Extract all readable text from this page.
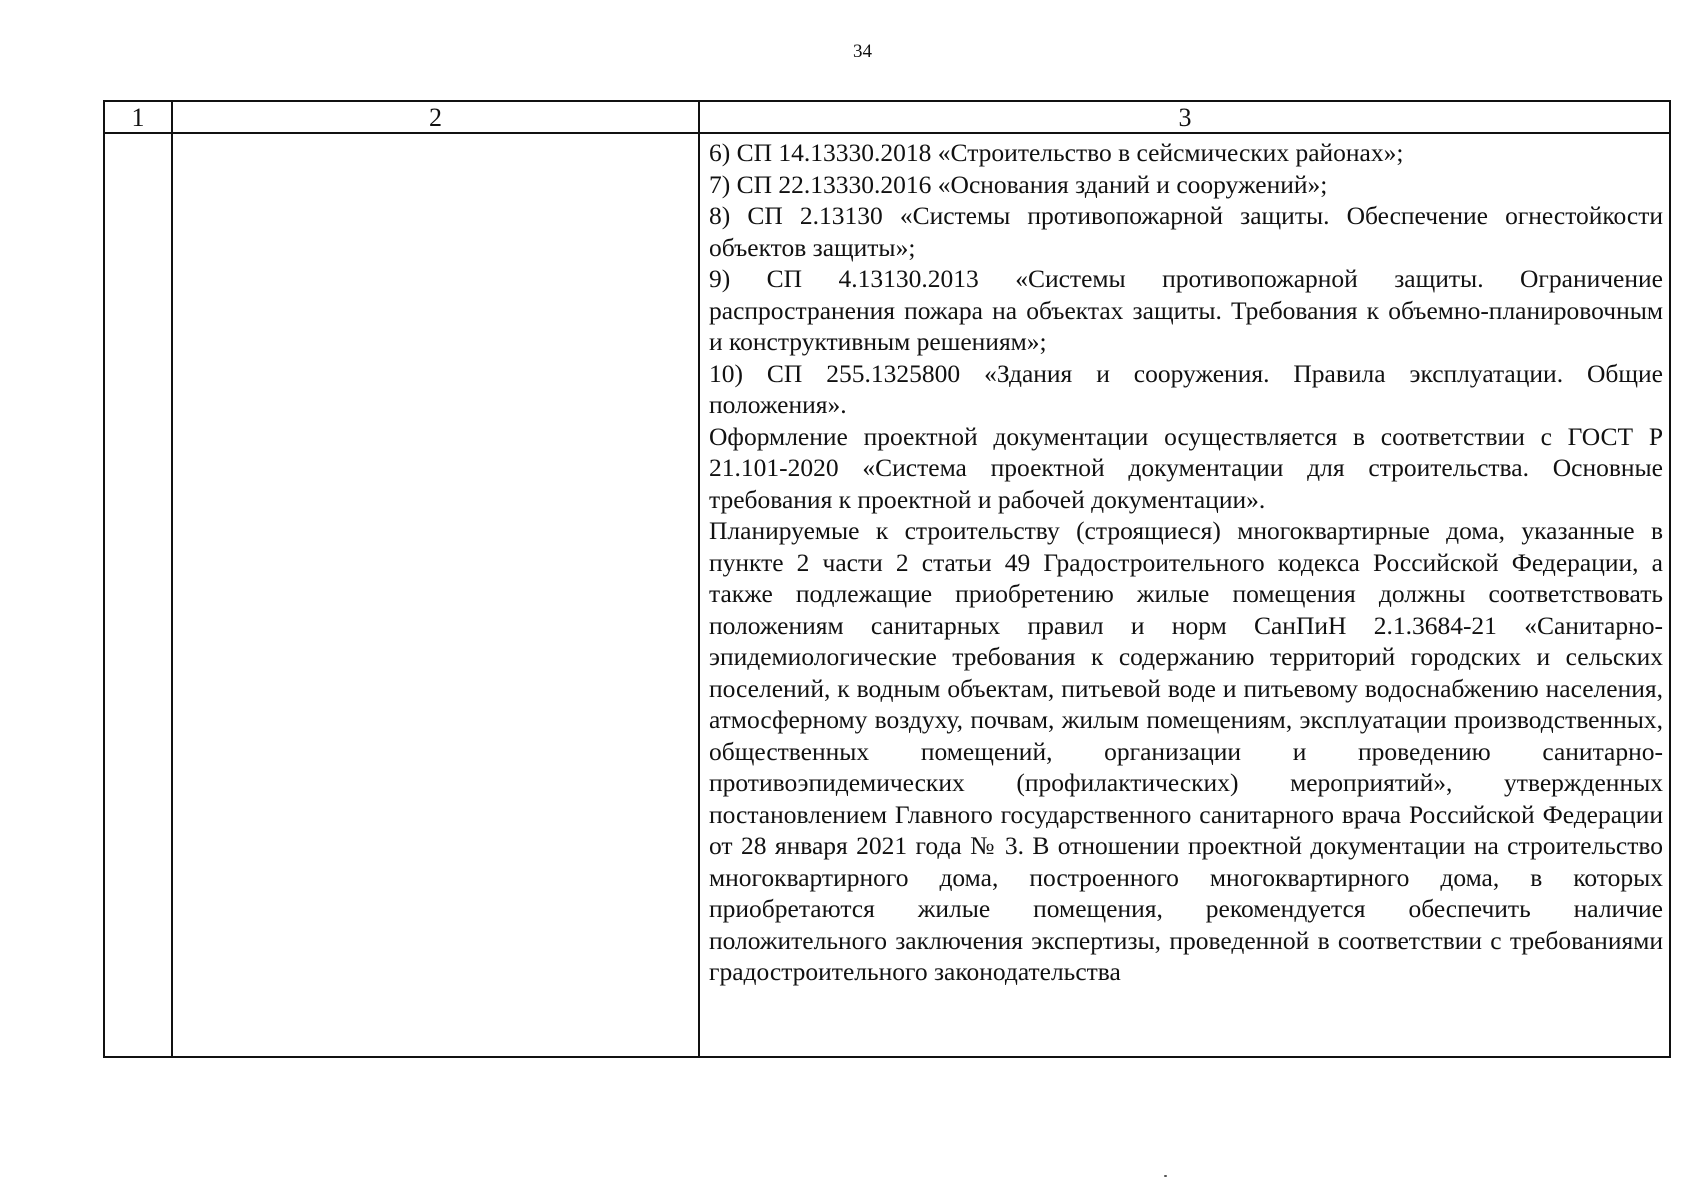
34
1	2	3

6) СП 14.13330.2018 «Строительство в сейсмических районах»;

7) СП 22.13330.2016 «Основания зданий и сооружений»;

8) СП 2.13130 «Системы противопожарной защиты. Обеспечение огнестойкости объектов защиты»;

9) СП 4.13130.2013 «Системы противопожарной защиты. Ограничение распространения пожара на объектах защиты. Требования к объемно-планировочным и конструктивным решениям»;

10) СП 255.1325800 «Здания и сооружения. Правила эксплуатации. Общие положения».

Оформление проектной документации осуществляется в соответствии с ГОСТ Р 21.101-2020 «Система проектной документации для строительства. Основные требования к проектной и рабочей документации».

Планируемые к строительству (строящиеся) многоквартирные дома, указанные в пункте 2 части 2 статьи 49 Градостроительного кодекса Российской Федерации, а также подлежащие приобретению жилые помещения должны соответствовать положениям санитарных правил и норм СанПиН 2.1.3684-21 «Санитарно-эпидемиологические требования к содержанию территорий городских и сельских поселений, к водным объектам, питьевой воде и питьевому водоснабжению населения, атмосферному воздуху, почвам, жилым помещениям, эксплуатации производственных, общественных помещений, организации и проведению санитарно-противоэпидемических (профилактических) мероприятий», утвержденных постановлением Главного государственного санитарного врача Российской Федерации от 28 января 2021 года № 3. В отношении проектной документации на строительство многоквартирного дома, построенного многоквартирного дома, в которых приобретаются жилые помещения, рекомендуется обеспечить наличие положительного заключения экспертизы, проведенной в соответствии с требованиями градостроительного законодательства
